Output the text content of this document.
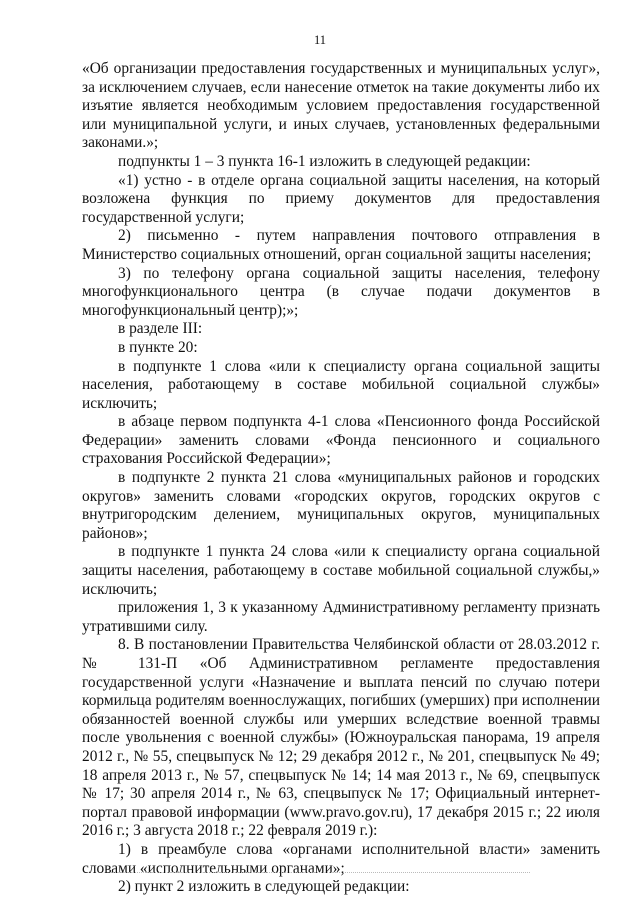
11

«Об организации предоставления государственных и муниципальных услуг», за исключением случаев, если нанесение отметок на такие документы либо их изъятие является необходимым условием предоставления государственной или муниципальной услуги, и иных случаев, установленных федеральными законами.»;

подпункты 1 – 3 пункта 16-1 изложить в следующей редакции:

«1) устно - в отделе органа социальной защиты населения, на который возложена функция по приему документов для предоставления государственной услуги;

2) письменно - путем направления почтового отправления в Министерство социальных отношений, орган социальной защиты населения;

3) по телефону органа социальной защиты населения, телефону многофункционального центра (в случае подачи документов в многофункциональный центр);»;

в разделе III:

в пункте 20:

в подпункте 1 слова «или к специалисту органа социальной защиты населения, работающему в составе мобильной социальной службы» исключить;

в абзаце первом подпункта 4-1 слова «Пенсионного фонда Российской Федерации» заменить словами «Фонда пенсионного и социального страхования Российской Федерации»;

в подпункте 2 пункта 21 слова «муниципальных районов и городских округов» заменить словами «городских округов, городских округов с внутригородским делением, муниципальных округов, муниципальных районов»;

в подпункте 1 пункта 24 слова «или к специалисту органа социальной защиты населения, работающему в составе мобильной социальной службы,» исключить;

приложения 1, 3 к указанному Административному регламенту признать утратившими силу.

8. В постановлении Правительства Челябинской области от 28.03.2012 г. № 131-П «Об Административном регламенте предоставления государственной услуги «Назначение и выплата пенсий по случаю потери кормильца родителям военнослужащих, погибших (умерших) при исполнении обязанностей военной службы или умерших вследствие военной травмы после увольнения с военной службы» (Южноуральская панорама, 19 апреля 2012 г., № 55, спецвыпуск № 12; 29 декабря 2012 г., № 201, спецвыпуск № 49; 18 апреля 2013 г., № 57, спецвыпуск № 14; 14 мая 2013 г., № 69, спецвыпуск № 17; 30 апреля 2014 г., № 63, спецвыпуск № 17; Официальный интернет-портал правовой информации (www.pravo.gov.ru), 17 декабря 2015 г.; 22 июля 2016 г.; 3 августа 2018 г.; 22 февраля 2019 г.):

1) в преамбуле слова «органами исполнительной власти» заменить словами «исполнительными органами»;

2) пункт 2 изложить в следующей редакции:
